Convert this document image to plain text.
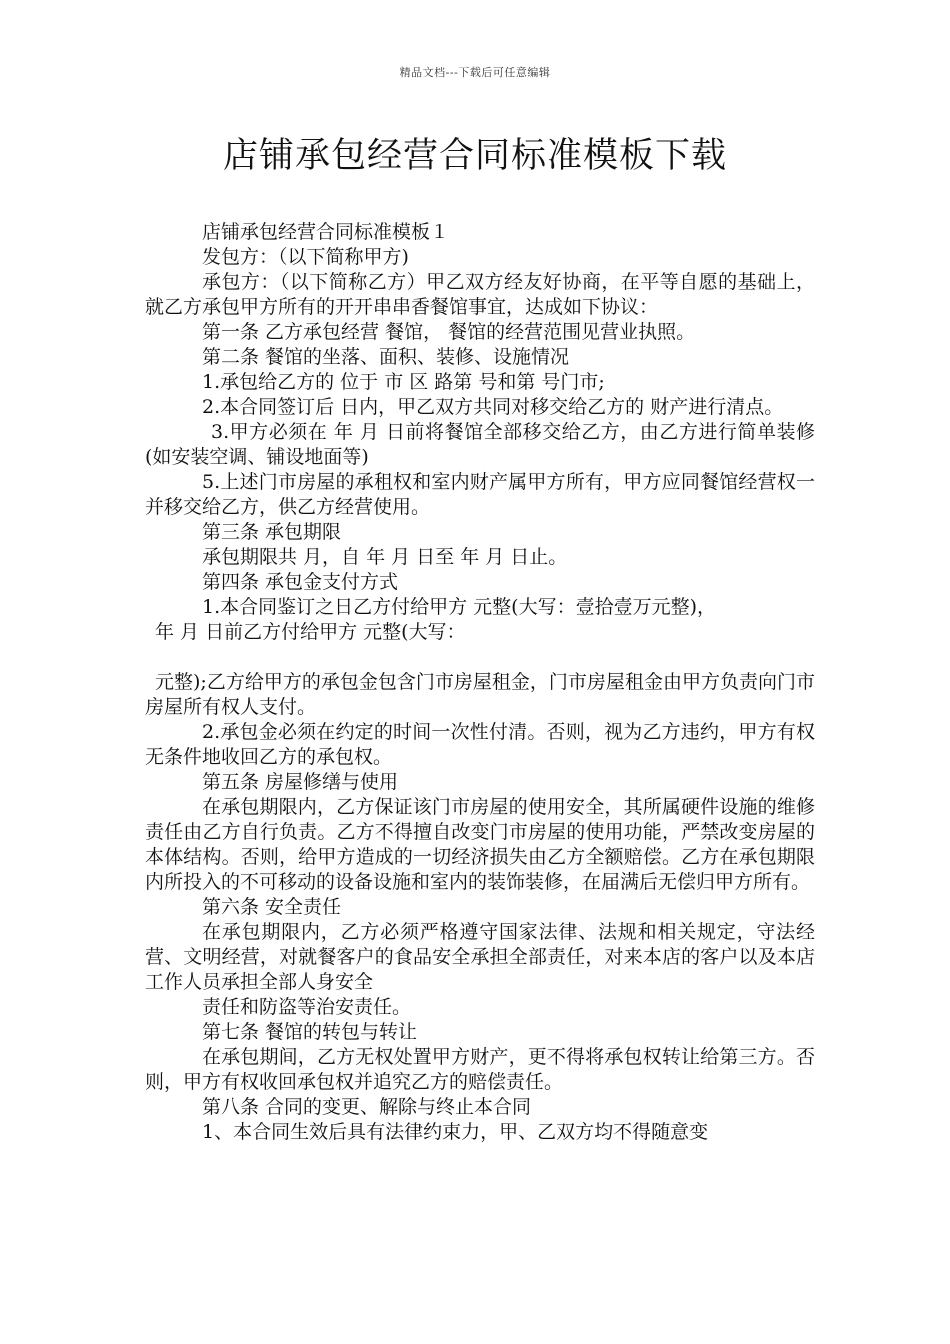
精品文档---下载后可任意编辑
店铺承包经营合同标准模板下载

店铺承包经营合同标准模板１

发包方：（以下简称甲方)

承包方：（以下简称乙方）甲乙双方经友好协商，在平等自愿的基础上，就乙方承包甲方所有的开开串串香餐馆事宜，达成如下协议：

第一条 乙方承包经营 餐馆， 餐馆的经营范围见营业执照。

第二条 餐馆的坐落、面积、装修、设施情况

1.承包给乙方的 位于 市 区 路第 号和第 号门市;

2.本合同签订后 日内，甲乙双方共同对移交给乙方的 财产进行清点。

3.甲方必须在 年 月 日前将餐馆全部移交给乙方，由乙方进行简单装修(如安装空调、铺设地面等)

5.上述门市房屋的承租权和室内财产属甲方所有，甲方应同餐馆经营权一并移交给乙方，供乙方经营使用。

第三条 承包期限

承包期限共 月，自 年 月 日至 年 月 日止。

第四条 承包金支付方式

1.本合同鉴订之日乙方付给甲方 元整(大写：壹拾壹万元整)，

年 月 日前乙方付给甲方 元整(大写：

元整);乙方给甲方的承包金包含门市房屋租金，门市房屋租金由甲方负责向门市房屋所有权人支付。

2.承包金必须在约定的时间一次性付清。否则，视为乙方违约，甲方有权无条件地收回乙方的承包权。

第五条 房屋修缮与使用

在承包期限内，乙方保证该门市房屋的使用安全，其所属硬件设施的维修责任由乙方自行负责。乙方不得擅自改变门市房屋的使用功能，严禁改变房屋的本体结构。否则，给甲方造成的一切经济损失由乙方全额赔偿。乙方在承包期限内所投入的不可移动的设备设施和室内的装饰装修，在届满后无偿归甲方所有。

第六条 安全责任

在承包期限内，乙方必须严格遵守国家法律、法规和相关规定，守法经营、文明经营，对就餐客户的食品安全承担全部责任，对来本店的客户以及本店工作人员承担全部人身安全

责任和防盗等治安责任。

第七条 餐馆的转包与转让

在承包期间，乙方无权处置甲方财产，更不得将承包权转让给第三方。否则，甲方有权收回承包权并追究乙方的赔偿责任。

第八条 合同的变更、解除与终止本合同

1、本合同生效后具有法律约束力，甲、乙双方均不得随意变
